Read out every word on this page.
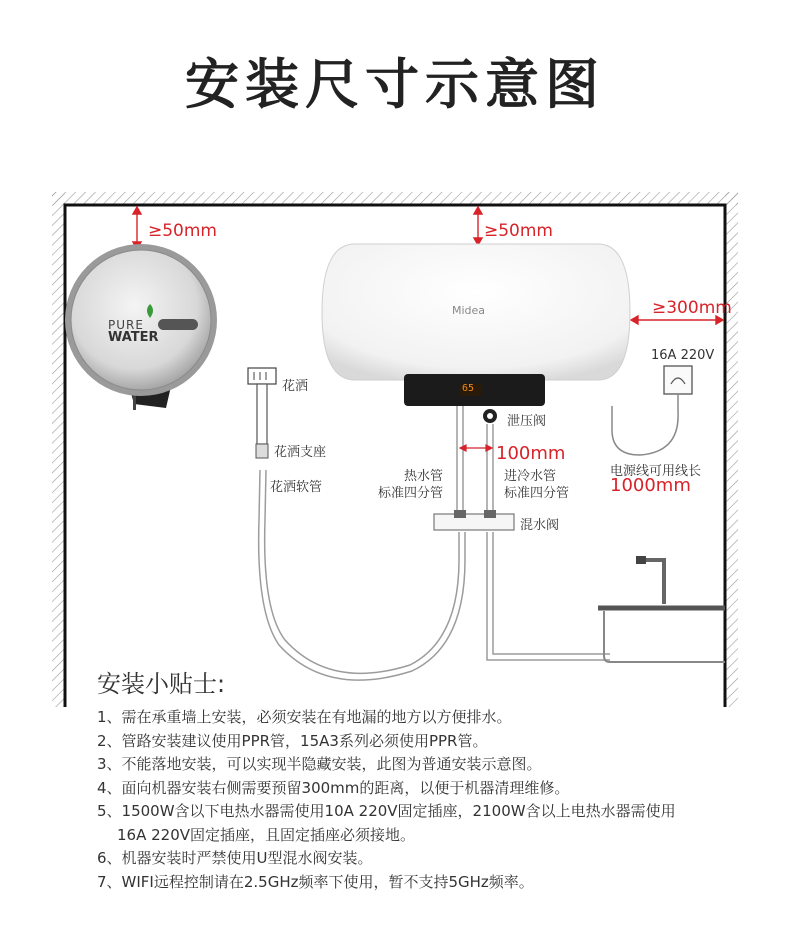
安装尺寸示意图
≥50mm	≥50mm
≥300mm
PURE
WATER
Midea
65
16A 220V
电源线可用线长
1000mm
花洒
花洒支座
花洒软管
泄压阀
100mm
热水管
标准四分管
进冷水管
标准四分管
混水阀
安装小贴士:
1、需在承重墙上安装，必须安装在有地漏的地方以方便排水。
2、管路安装建议使用PPR管，15A3系列必须使用PPR管。
3、不能落地安装，可以实现半隐藏安装，此图为普通安装示意图。
4、面向机器安装右侧需要预留300mm的距离，以便于机器清理维修。
5、1500W含以下电热水器需使用10A 220V固定插座，2100W含以上电热水器需使用
16A 220V固定插座，且固定插座必须接地。
6、机器安装时严禁使用U型混水阀安装。
7、WIFI远程控制请在2.5GHz频率下使用，暂不支持5GHz频率。
